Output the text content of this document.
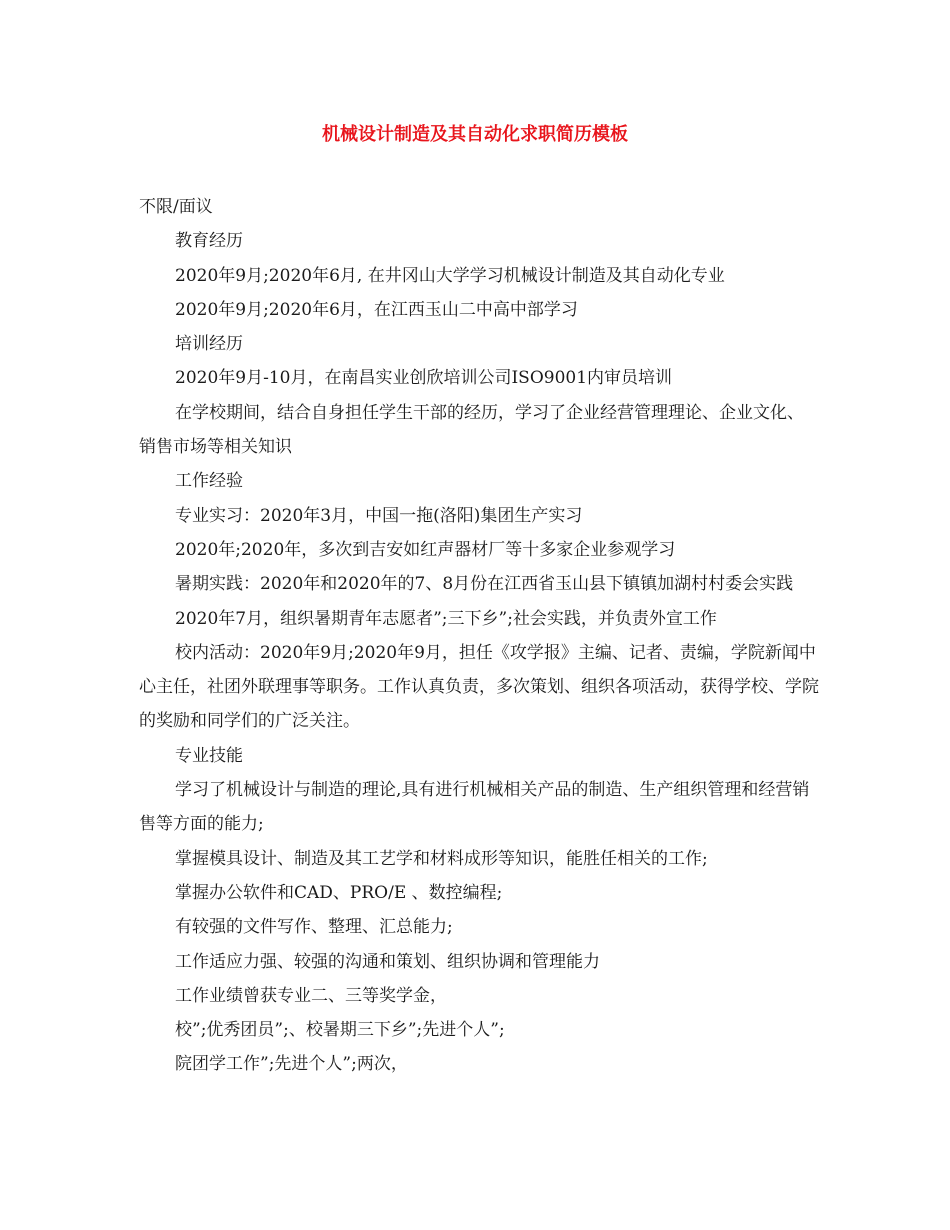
机械设计制造及其自动化求职简历模板

不限/面议

教育经历

2020年9月;2020年6月, 在井冈山大学学习机械设计制造及其自动化专业

2020年9月;2020年6月，在江西玉山二中高中部学习

培训经历

2020年9月-10月，在南昌实业创欣培训公司ISO9001内审员培训

在学校期间，结合自身担任学生干部的经历，学习了企业经营管理理论、企业文化、销售市场等相关知识

工作经验

专业实习：2020年3月，中国一拖(洛阳)集团生产实习

2020年;2020年，多次到吉安如红声器材厂等十多家企业参观学习

暑期实践：2020年和2020年的7、8月份在江西省玉山县下镇镇加湖村村委会实践

2020年7月，组织暑期青年志愿者”;三下乡”;社会实践，并负责外宣工作

校内活动：2020年9月;2020年9月，担任《攻学报》主编、记者、责编，学院新闻中心主任，社团外联理事等职务。工作认真负责，多次策划、组织各项活动，获得学校、学院的奖励和同学们的广泛关注。

专业技能

学习了机械设计与制造的理论,具有进行机械相关产品的制造、生产组织管理和经营销售等方面的能力;

掌握模具设计、制造及其工艺学和材料成形等知识，能胜任相关的工作;

掌握办公软件和CAD、PRO/E 、数控编程;

有较强的文件写作、整理、汇总能力;

工作适应力强、较强的沟通和策划、组织协调和管理能力

工作业绩曾获专业二、三等奖学金，

校”;优秀团员”;、校暑期三下乡”;先进个人”;

院团学工作”;先进个人”;两次，
